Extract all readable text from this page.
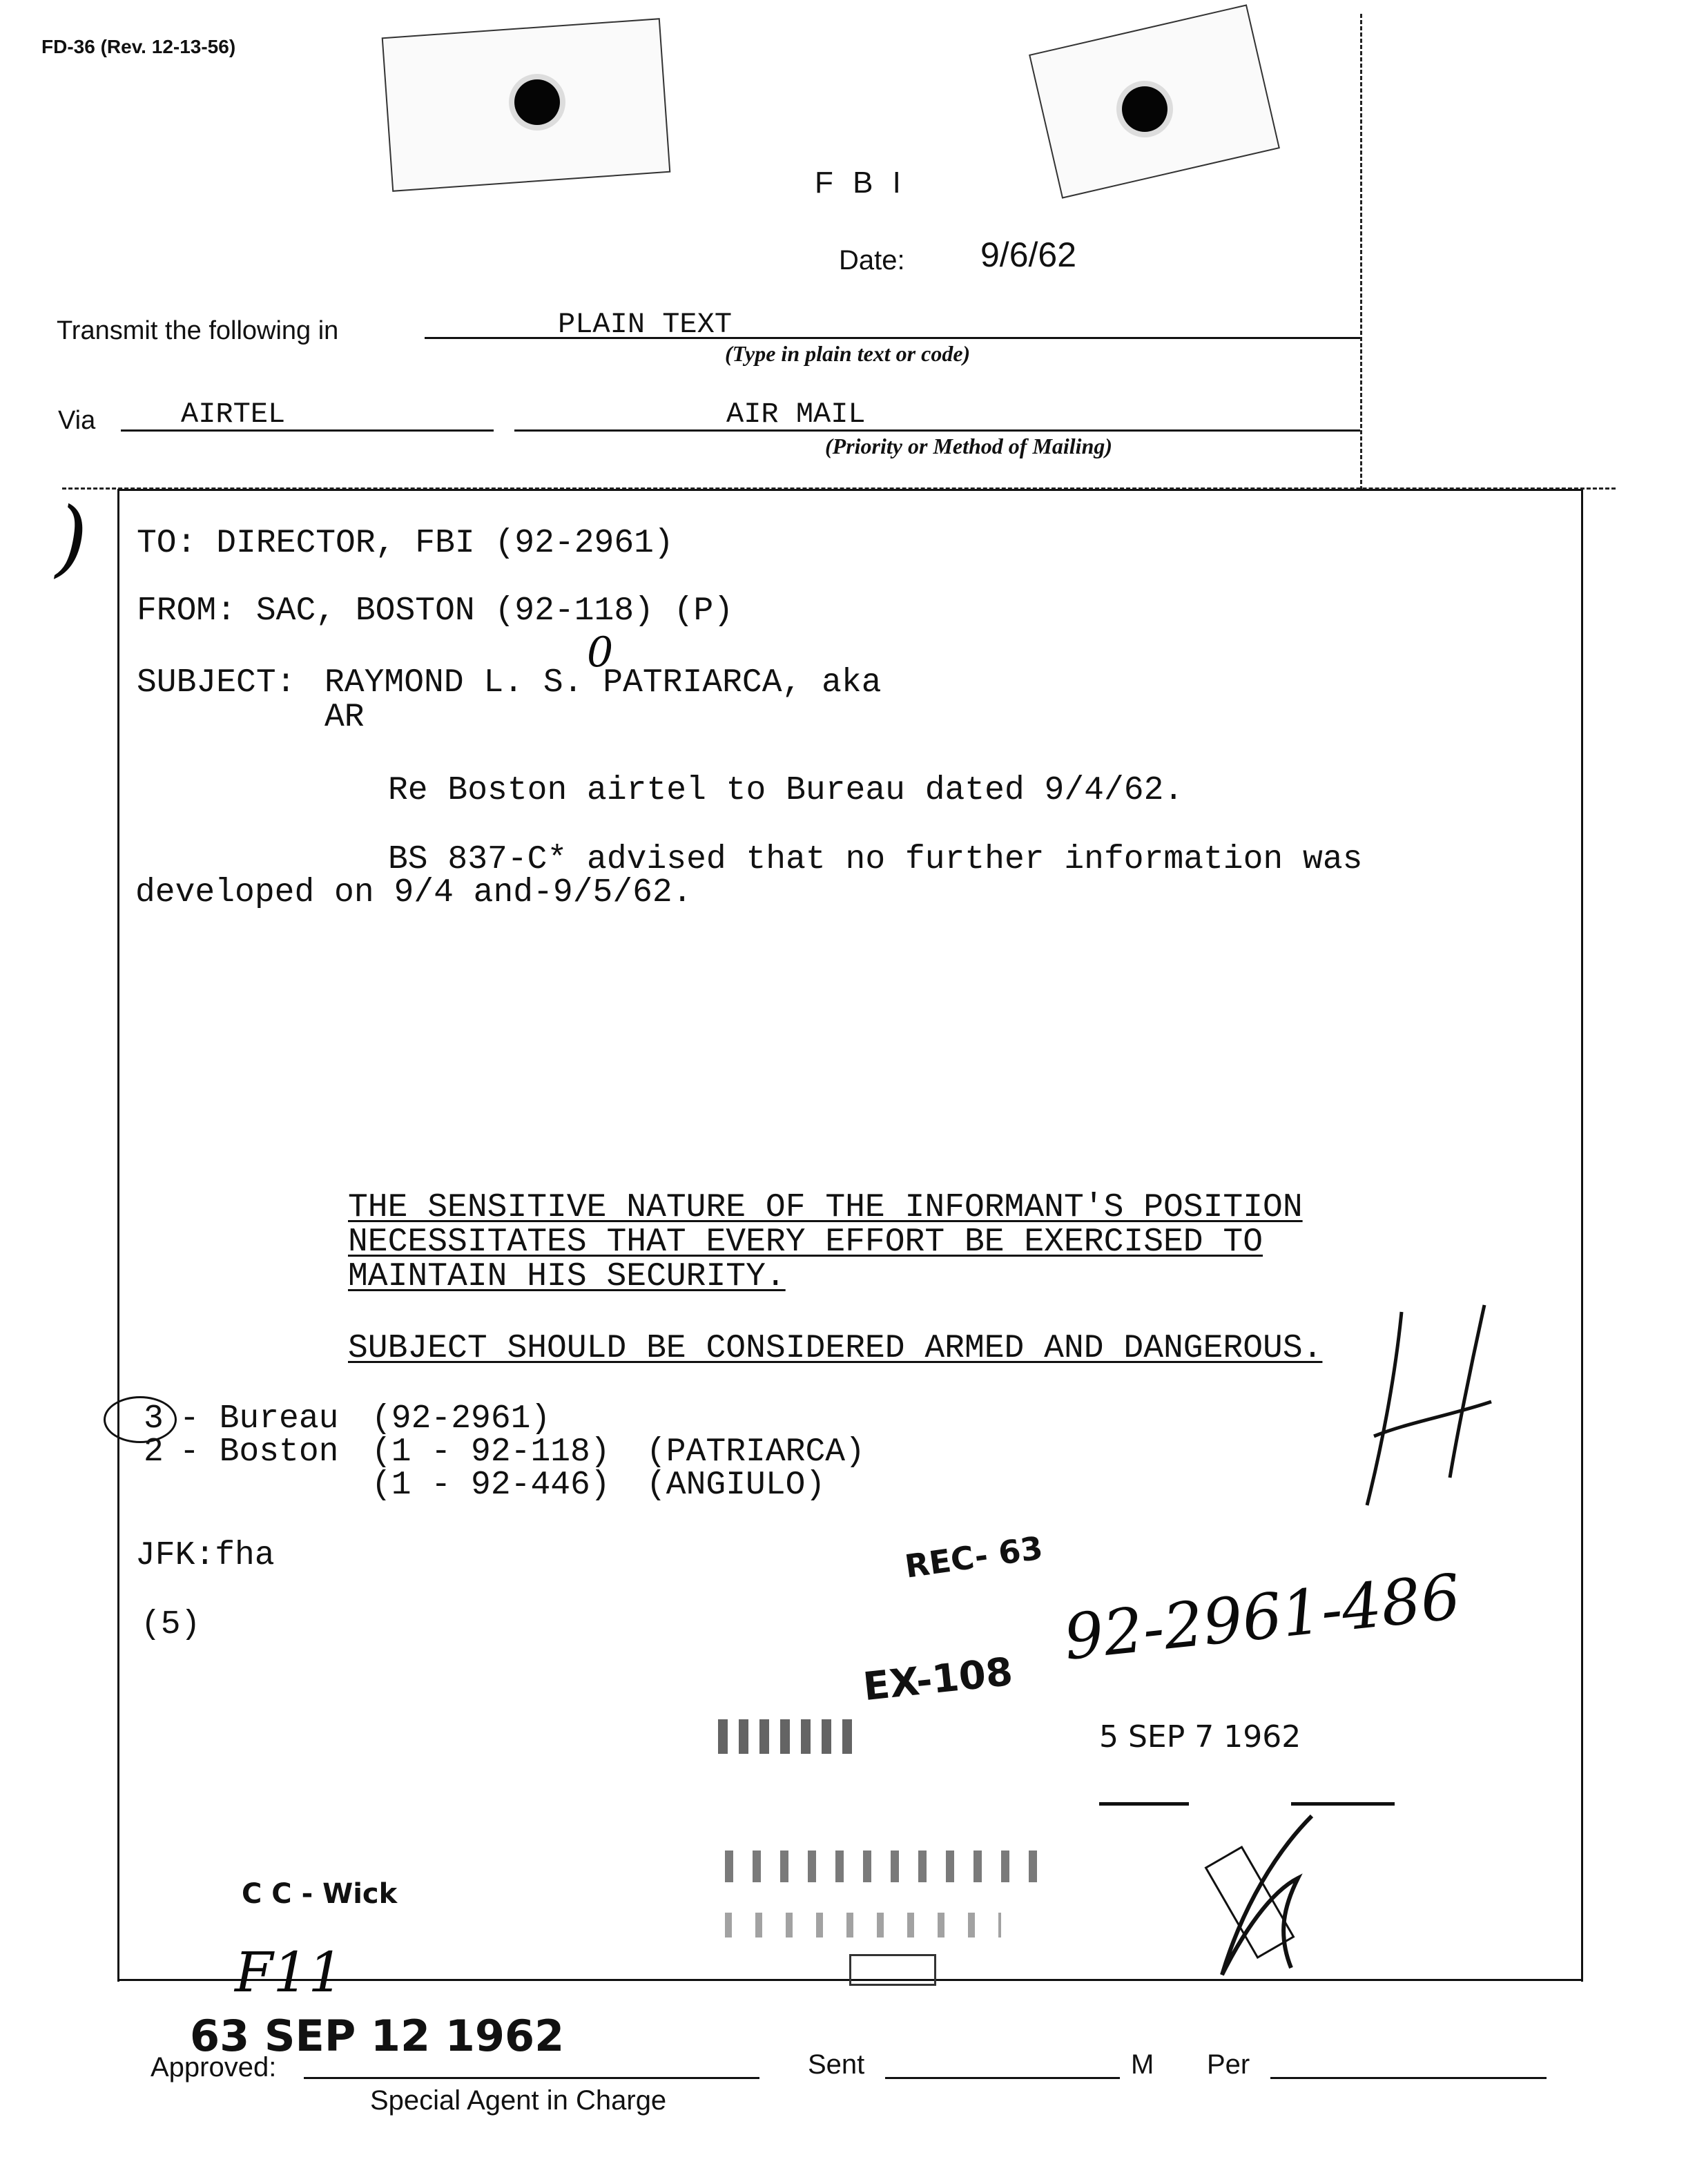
FD-36 (Rev. 12-13-56)
F B I
Date: 9/6/62
Transmit the following in	PLAIN TEXT
(Type in plain text or code)
Via	AIRTEL	AIR MAIL
(Priority or Method of Mailing)
) TO: DIRECTOR, FBI (92-2961)
FROM: SAC, BOSTON (92-118) (P)
SUBJECT: RAYMOND L. S. PATRIARCA, aka
0
AR
Re Boston airtel to Bureau dated 9/4/62.
BS 837-C* advised that no further information was
developed on 9/4 and-9/5/62.
THE SENSITIVE NATURE OF THE INFORMANT'S POSITION
NECESSITATES THAT EVERY EFFORT BE EXERCISED TO
MAINTAIN HIS SECURITY.
SUBJECT SHOULD BE CONSIDERED ARMED AND DANGEROUS.
3 - Bureau (92-2961)
2 - Boston (1 - 92-118) (PATRIARCA)
(1 - 92-446) (ANGIULO)
JFK:fha
(5)
REC- 63
92-2961-486
EX-108
5 SEP 7 1962
C C - Wick
F11
63 SEP 12 1962
Approved:
Special Agent in Charge
Sent	M Per
